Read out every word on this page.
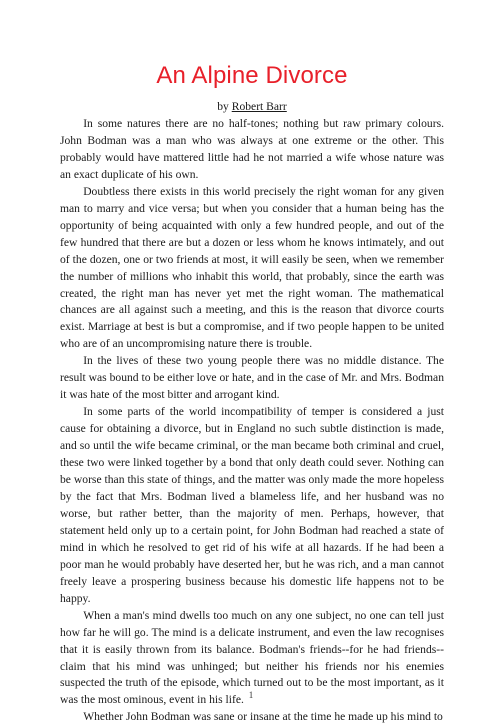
An Alpine Divorce
by Robert Barr

In some natures there are no half-tones; nothing but raw primary colours. John Bodman was a man who was always at one extreme or the other. This probably would have mattered little had he not married a wife whose nature was an exact duplicate of his own.

Doubtless there exists in this world precisely the right woman for any given man to marry and vice versa; but when you consider that a human being has the opportunity of being acquainted with only a few hundred people, and out of the few hundred that there are but a dozen or less whom he knows intimately, and out of the dozen, one or two friends at most, it will easily be seen, when we remember the number of millions who inhabit this world, that probably, since the earth was created, the right man has never yet met the right woman. The mathematical chances are all against such a meeting, and this is the reason that divorce courts exist. Marriage at best is but a compromise, and if two people happen to be united who are of an uncompromising nature there is trouble.

In the lives of these two young people there was no middle distance. The result was bound to be either love or hate, and in the case of Mr. and Mrs. Bodman it was hate of the most bitter and arrogant kind.

In some parts of the world incompatibility of temper is considered a just cause for obtaining a divorce, but in England no such subtle distinction is made, and so until the wife became criminal, or the man became both criminal and cruel, these two were linked together by a bond that only death could sever. Nothing can be worse than this state of things, and the matter was only made the more hopeless by the fact that Mrs. Bodman lived a blameless life, and her husband was no worse, but rather better, than the majority of men. Perhaps, however, that statement held only up to a certain point, for John Bodman had reached a state of mind in which he resolved to get rid of his wife at all hazards. If he had been a poor man he would probably have deserted her, but he was rich, and a man cannot freely leave a prospering business because his domestic life happens not to be happy.

When a man's mind dwells too much on any one subject, no one can tell just how far he will go. The mind is a delicate instrument, and even the law recognises that it is easily thrown from its balance. Bodman's friends--for he had friends--claim that his mind was unhinged; but neither his friends nor his enemies suspected the truth of the episode, which turned out to be the most important, as it was the most ominous, event in his life.

Whether John Bodman was sane or insane at the time he made up his mind to

1
